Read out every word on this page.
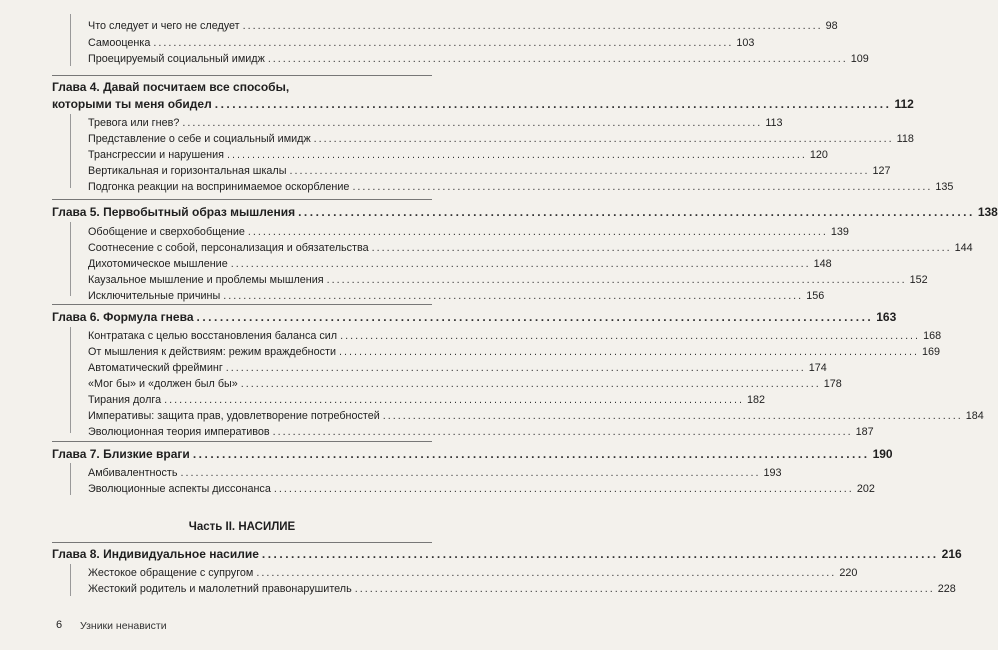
Что следует и чего не следует .................................................................................................................... 98
Самооценка .................................................................................................................... 103
Проецируемый социальный имидж .................................................................................................................... 109
Глава 4. Давай посчитаем все способы,
которыми ты меня обидел .................................................................................................................... 112
Тревога или гнев? .................................................................................................................... 113
Представление о себе и социальный имидж .................................................................................................................... 118
Трансгрессии и нарушения .................................................................................................................... 120
Вертикальная и горизонтальная шкалы .................................................................................................................... 127
Подгонка реакции на воспринимаемое оскорбление .................................................................................................................... 135
Глава 5. Первобытный образ мышления .................................................................................................................... 138
Обобщение и сверхобобщение .................................................................................................................... 139
Соотнесение с собой, персонализация и обязательства .................................................................................................................... 144
Дихотомическое мышление .................................................................................................................... 148
Каузальное мышление и проблемы мышления .................................................................................................................... 152
Исключительные причины .................................................................................................................... 156
Глава 6. Формула гнева .................................................................................................................... 163
Контратака с целью восстановления баланса сил .................................................................................................................... 168
От мышления к действиям: режим враждебности .................................................................................................................... 169
Автоматический фрейминг .................................................................................................................... 174
«Мог бы» и «должен был бы» .................................................................................................................... 178
Тирания долга .................................................................................................................... 182
Императивы: защита прав, удовлетворение потребностей .................................................................................................................... 184
Эволюционная теория императивов .................................................................................................................... 187
Глава 7. Близкие враги .................................................................................................................... 190
Амбивалентность .................................................................................................................... 193
Эволюционные аспекты диссонанса .................................................................................................................... 202
Часть II. НАСИЛИЕ
Глава 8. Индивидуальное насилие .................................................................................................................... 216
Жестокое обращение с супругом .................................................................................................................... 220
Жестокий родитель и малолетний правонарушитель .................................................................................................................... 228
6 Узники ненависти
